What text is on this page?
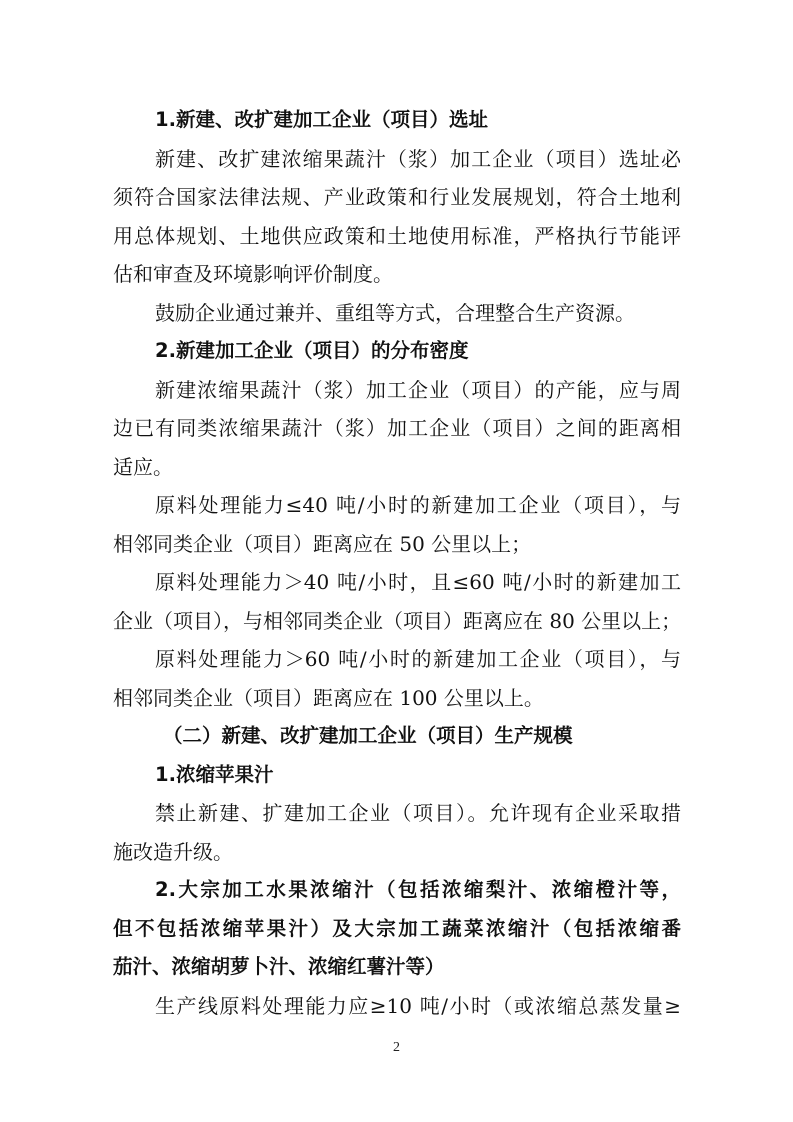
1.新建、改扩建加工企业（项目）选址
新建、改扩建浓缩果蔬汁（浆）加工企业（项目）选址必
须符合国家法律法规、产业政策和行业发展规划，符合土地利
用总体规划、土地供应政策和土地使用标准，严格执行节能评
估和审查及环境影响评价制度。
鼓励企业通过兼并、重组等方式，合理整合生产资源。
2.新建加工企业（项目）的分布密度
新建浓缩果蔬汁（浆）加工企业（项目）的产能，应与周
边已有同类浓缩果蔬汁（浆）加工企业（项目）之间的距离相
适应。
原料处理能力≤40 吨/小时的新建加工企业（项目），与
相邻同类企业（项目）距离应在 50 公里以上；
原料处理能力＞40 吨/小时，且≤60 吨/小时的新建加工
企业（项目），与相邻同类企业（项目）距离应在 80 公里以上；
原料处理能力＞60 吨/小时的新建加工企业（项目），与
相邻同类企业（项目）距离应在 100 公里以上。
（二）新建、改扩建加工企业（项目）生产规模
1.浓缩苹果汁
禁止新建、扩建加工企业（项目）。允许现有企业采取措
施改造升级。
2.大宗加工水果浓缩汁（包括浓缩梨汁、浓缩橙汁等，
但不包括浓缩苹果汁）及大宗加工蔬菜浓缩汁（包括浓缩番
茄汁、浓缩胡萝卜汁、浓缩红薯汁等）
生产线原料处理能力应≥10 吨/小时（或浓缩总蒸发量≥
2
